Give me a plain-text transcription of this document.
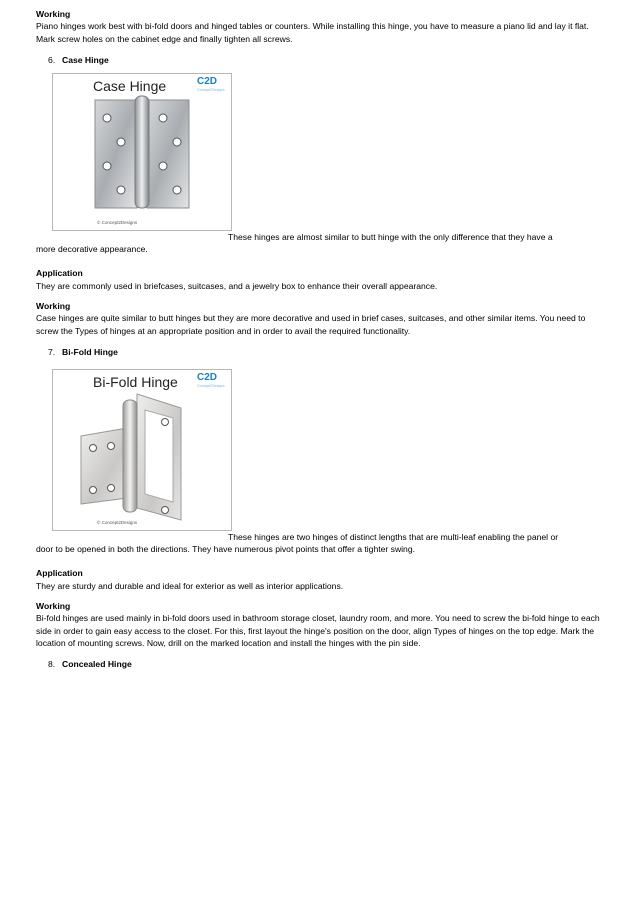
Working

Piano hinges work best with bi-fold doors and hinged tables or counters. While installing this hinge, you have to measure a piano lid and lay it flat. Mark screw holes on the cabinet edge and finally tighten all screws.

6. Case Hinge
Case Hinge	C2D
Concept2Designs
© Concept2Designs
These hinges are almost similar to butt hinge with the only difference that they have a

more decorative appearance.

Application

They are commonly used in briefcases, suitcases, and a jewelry box to enhance their overall appearance.

Working

Case hinges are quite similar to butt hinges but they are more decorative and used in brief cases, suitcases, and other similar items. You need to screw the Types of hinges at an appropriate position and in order to avail the required functionality.

7. Bi-Fold Hinge
Bi-Fold Hinge C2D
Concept2Designs
© Concept2Designs
These hinges are two hinges of distinct lengths that are multi-leaf enabling the panel or

door to be opened in both the directions. They have numerous pivot points that offer a tighter swing.

Application

They are sturdy and durable and ideal for exterior as well as interior applications.

Working

Bi-fold hinges are used mainly in bi-fold doors used in bathroom storage closet, laundry room, and more. You need to screw the bi-fold hinge to each side in order to gain easy access to the closet. For this, first layout the hinge's position on the door, align Types of hinges on the top edge. Mark the location of mounting screws. Now, drill on the marked location and install the hinges with the pin side.

8. Concealed Hinge
